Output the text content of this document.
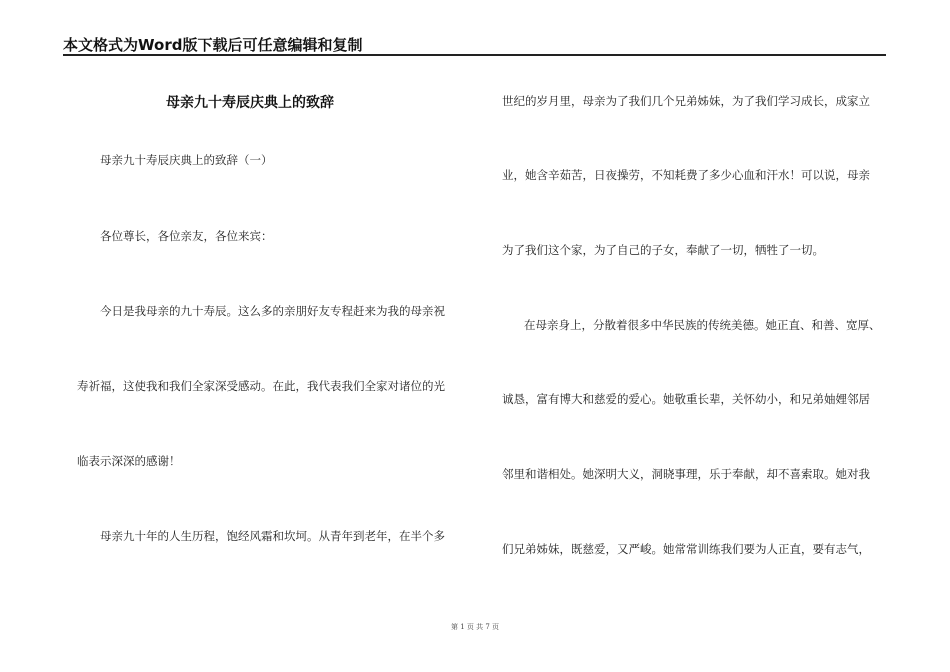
本文格式为Word版下载后可任意编辑和复制
母亲九十寿辰庆典上的致辞
母亲九十寿辰庆典上的致辞（一）
各位尊长，各位亲友，各位来宾：
今日是我母亲的九十寿辰。这么多的亲朋好友专程赶来为我的母亲祝
寿祈福，这使我和我们全家深受感动。在此，我代表我们全家对诸位的光
临表示深深的感谢！
母亲九十年的人生历程，饱经风霜和坎坷。从青年到老年，在半个多
世纪的岁月里，母亲为了我们几个兄弟姊妹，为了我们学习成长，成家立
业，她含辛茹苦，日夜操劳，不知耗费了多少心血和汗水！可以说，母亲
为了我们这个家，为了自己的子女，奉献了一切，牺牲了一切。
在母亲身上，分散着很多中华民族的传统美德。她正直、和善、宽厚、
诚恳，富有博大和慈爱的爱心。她敬重长辈，关怀幼小，和兄弟妯娌邻居
邻里和谐相处。她深明大义，洞晓事理，乐于奉献，却不喜索取。她对我
们兄弟姊妹，既慈爱，又严峻。她常常训练我们要为人正直，要有志气，
第 1 页 共 7 页
